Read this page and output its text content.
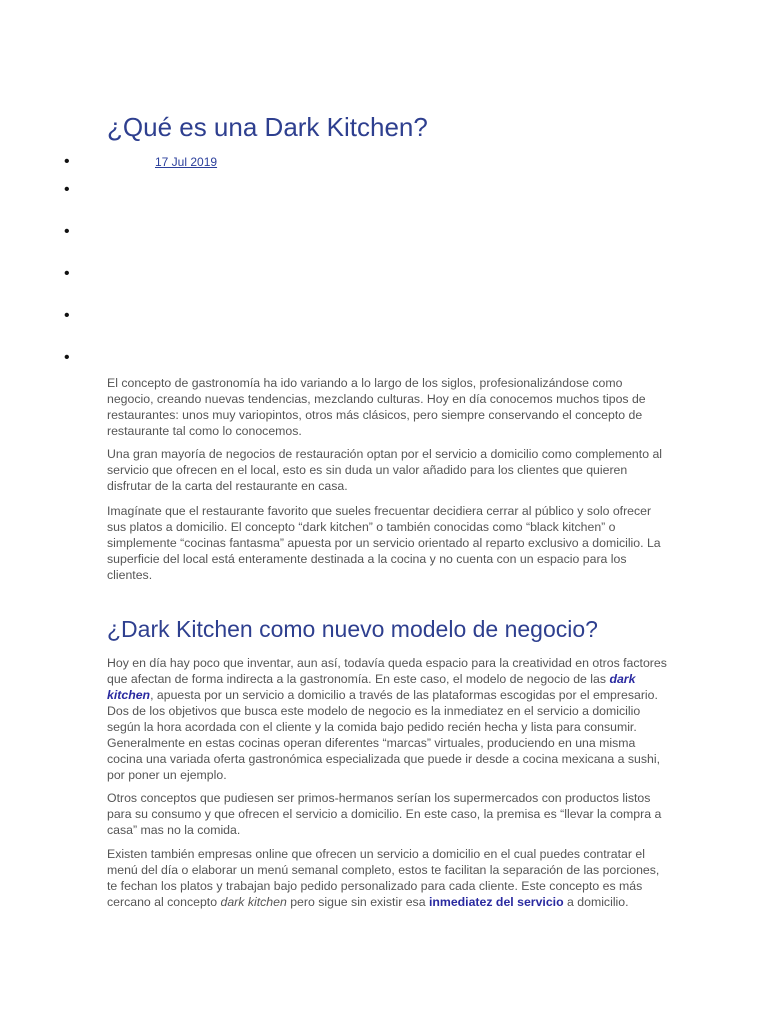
¿Qué es una Dark Kitchen?
•	17 Jul 2019
•
•
•
•
•

El concepto de gastronomía ha ido variando a lo largo de los siglos, profesionalizándose como negocio, creando nuevas tendencias, mezclando culturas. Hoy en día conocemos muchos tipos de restaurantes: unos muy variopintos, otros más clásicos, pero siempre conservando el concepto de restaurante tal como lo conocemos.

Una gran mayoría de negocios de restauración optan por el servicio a domicilio como complemento al servicio que ofrecen en el local, esto es sin duda un valor añadido para los clientes que quieren disfrutar de la carta del restaurante en casa.

Imagínate que el restaurante favorito que sueles frecuentar decidiera cerrar al público y solo ofrecer sus platos a domicilio. El concepto “dark kitchen” o también conocidas como “black kitchen” o simplemente “cocinas fantasma” apuesta por un servicio orientado al reparto exclusivo a domicilio. La superficie del local está enteramente destinada a la cocina y no cuenta con un espacio para los clientes.

¿Dark Kitchen como nuevo modelo de negocio?

Hoy en día hay poco que inventar, aun así, todavía queda espacio para la creatividad en otros factores que afectan de forma indirecta a la gastronomía. En este caso, el modelo de negocio de las dark kitchen, apuesta por un servicio a domicilio a través de las plataformas escogidas por el empresario. Dos de los objetivos que busca este modelo de negocio es la inmediatez en el servicio a domicilio según la hora acordada con el cliente y la comida bajo pedido recién hecha y lista para consumir. Generalmente en estas cocinas operan diferentes “marcas” virtuales, produciendo en una misma cocina una variada oferta gastronómica especializada que puede ir desde a cocina mexicana a sushi, por poner un ejemplo.

Otros conceptos que pudiesen ser primos-hermanos serían los supermercados con productos listos para su consumo y que ofrecen el servicio a domicilio. En este caso, la premisa es “llevar la compra a casa” mas no la comida.

Existen también empresas online que ofrecen un servicio a domicilio en el cual puedes contratar el menú del día o elaborar un menú semanal completo, estos te facilitan la separación de las porciones, te fechan los platos y trabajan bajo pedido personalizado para cada cliente. Este concepto es más cercano al concepto dark kitchen pero sigue sin existir esa inmediatez del servicio a domicilio.
